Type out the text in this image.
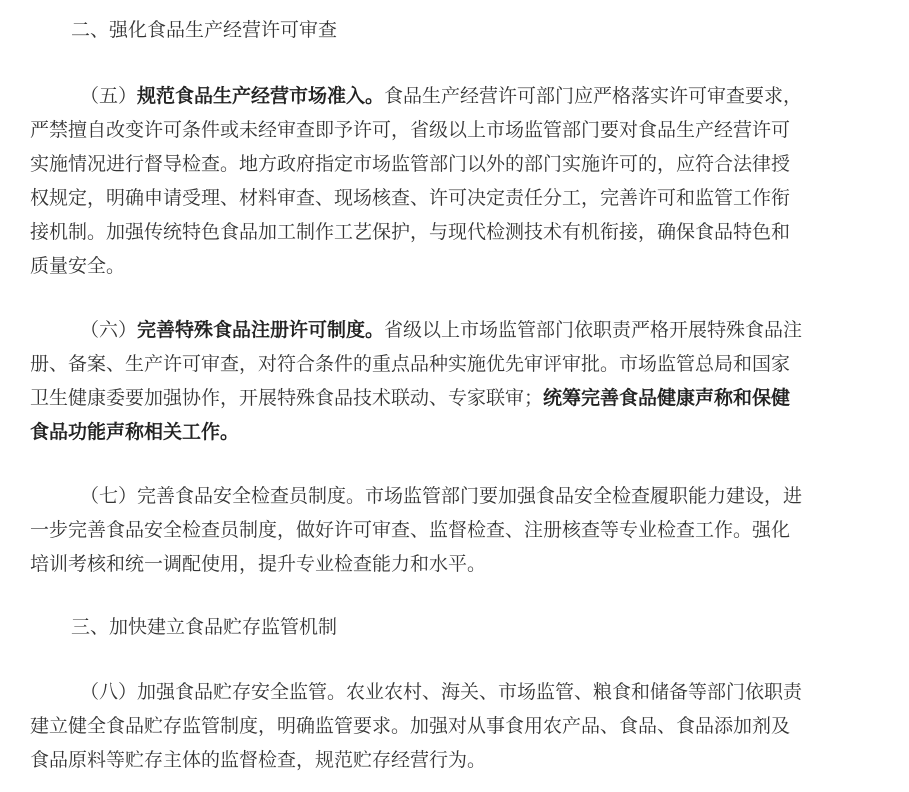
二、强化食品生产经营许可审查
（五）规范食品生产经营市场准入。食品生产经营许可部门应严格落实许可审查要求，
严禁擅自改变许可条件或未经审查即予许可，省级以上市场监管部门要对食品生产经营许可
实施情况进行督导检查。地方政府指定市场监管部门以外的部门实施许可的，应符合法律授
权规定，明确申请受理、材料审查、现场核查、许可决定责任分工，完善许可和监管工作衔
接机制。加强传统特色食品加工制作工艺保护，与现代检测技术有机衔接，确保食品特色和
质量安全。
（六）完善特殊食品注册许可制度。省级以上市场监管部门依职责严格开展特殊食品注
册、备案、生产许可审查，对符合条件的重点品种实施优先审评审批。市场监管总局和国家
卫生健康委要加强协作，开展特殊食品技术联动、专家联审；统筹完善食品健康声称和保健
食品功能声称相关工作。
（七）完善食品安全检查员制度。市场监管部门要加强食品安全检查履职能力建设，进
一步完善食品安全检查员制度，做好许可审查、监督检查、注册核查等专业检查工作。强化
培训考核和统一调配使用，提升专业检查能力和水平。
三、加快建立食品贮存监管机制
（八）加强食品贮存安全监管。农业农村、海关、市场监管、粮食和储备等部门依职责
建立健全食品贮存监管制度，明确监管要求。加强对从事食用农产品、食品、食品添加剂及
食品原料等贮存主体的监督检查，规范贮存经营行为。
